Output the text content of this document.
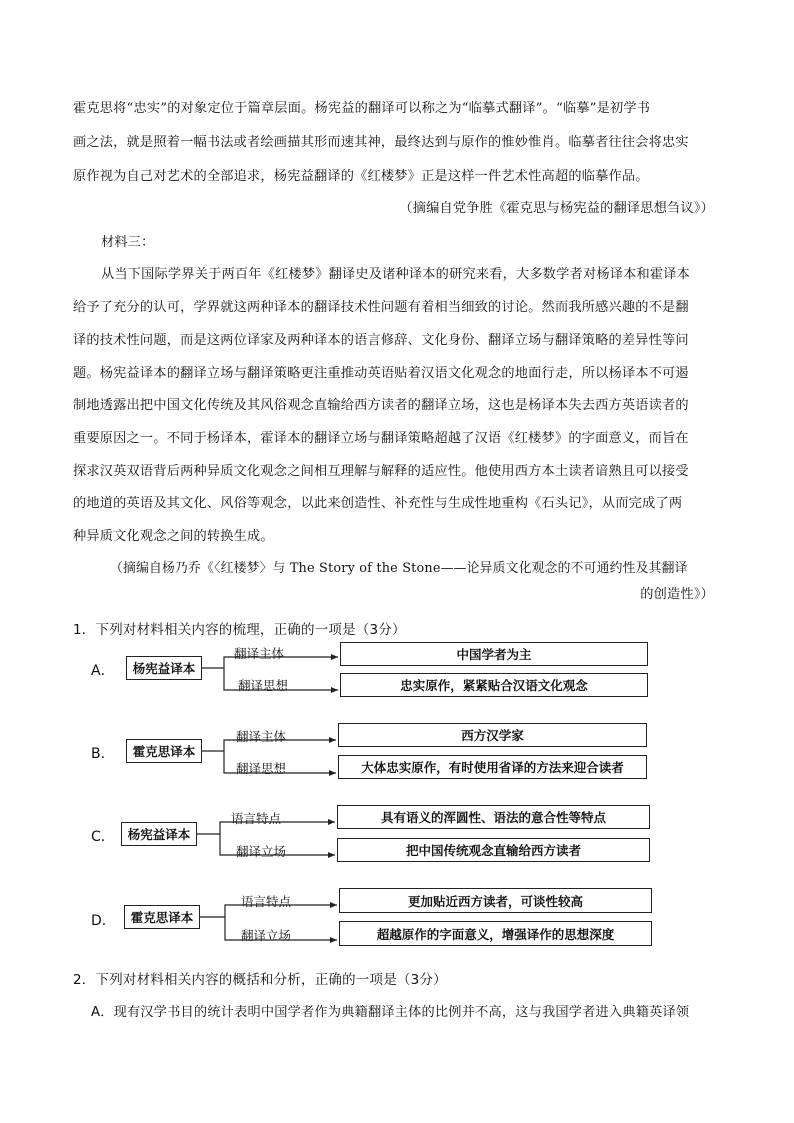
霍克思将“忠实”的对象定位于篇章层面。杨宪益的翻译可以称之为“临摹式翻译”。“临摹”是初学书
画之法，就是照着一幅书法或者绘画描其形而速其神，最终达到与原作的惟妙惟肖。临摹者往往会将忠实
原作视为自己对艺术的全部追求，杨宪益翻译的《红楼梦》正是这样一件艺术性高超的临摹作品。
（摘编自党争胜《霍克思与杨宪益的翻译思想刍议》）
材料三：
从当下国际学界关于两百年《红楼梦》翻译史及诸种译本的研究来看，大多数学者对杨译本和霍译本
给予了充分的认可，学界就这两种译本的翻译技术性问题有着相当细致的讨论。然而我所感兴趣的不是翻
译的技术性问题，而是这两位译家及两种译本的语言修辞、文化身份、翻译立场与翻译策略的差异性等问
题。杨宪益译本的翻译立场与翻译策略更注重推动英语贴着汉语文化观念的地面行走，所以杨译本不可遏
制地透露出把中国文化传统及其风俗观念直输给西方读者的翻译立场，这也是杨译本失去西方英语读者的
重要原因之一。不同于杨译本，霍译本的翻译立场与翻译策略超越了汉语《红楼梦》的字面意义，而旨在
探求汉英双语背后两种异质文化观念之间相互理解与解释的适应性。他使用西方本土读者谙熟且可以接受
的地道的英语及其文化、风俗等观念，以此来创造性、补充性与生成性地重构《石头记》，从而完成了两
种异质文化观念之间的转换生成。
（摘编自杨乃乔《〈红楼梦〉与 The Story of the Stone——论异质文化观念的不可通约性及其翻译
的创造性》）
1．下列对材料相关内容的梳理，正确的一项是（3分）
A．	杨宪益译本
翻译主体
翻译思想
中国学者为主
忠实原作，紧紧贴合汉语文化观念
B．	霍克思译本
翻译主体
翻译思想
西方汉学家
大体忠实原作，有时使用省译的方法来迎合读者
C．	杨宪益译本
语言特点
翻译立场
具有语义的浑圆性、语法的意合性等特点
把中国传统观念直输给西方读者
D．	霍克思译本
语言特点
翻译立场
更加贴近西方读者，可谈性较高
超越原作的字面意义，增强译作的思想深度
2．下列对材料相关内容的概括和分析，正确的一项是（3分）
A．现有汉学书目的统计表明中国学者作为典籍翻译主体的比例并不高，这与我国学者进入典籍英译领
